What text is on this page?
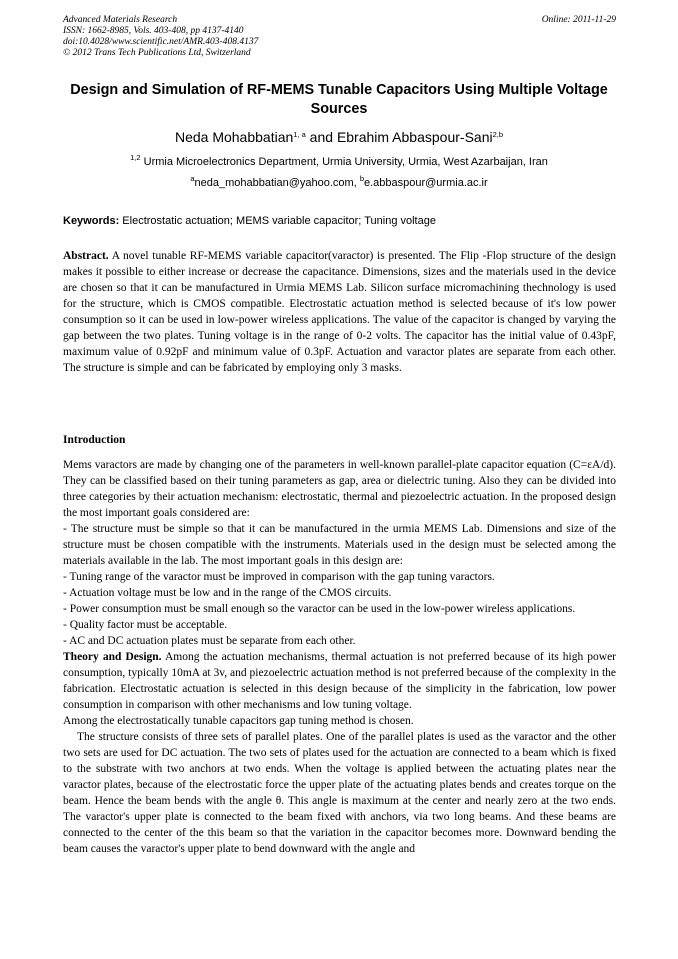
Advanced Materials Research
ISSN: 1662-8985, Vols. 403-408, pp 4137-4140
doi:10.4028/www.scientific.net/AMR.403-408.4137
© 2012 Trans Tech Publications Ltd, Switzerland
Online: 2011-11-29
Design and Simulation of RF-MEMS Tunable Capacitors Using Multiple Voltage Sources
Neda Mohabbatian$^{1, a}$ and Ebrahim Abbaspour-Sani$^{2,b}$
$^{1,2}$ Urmia Microelectronics Department, Urmia University, Urmia, West Azarbaijan, Iran
$^a$neda_mohabbatian@yahoo.com, $^b$e.abbaspour@urmia.ac.ir
Keywords: Electrostatic actuation; MEMS variable capacitor; Tuning voltage
Abstract. A novel tunable RF-MEMS variable capacitor(varactor) is presented. The Flip -Flop structure of the design makes it possible to either increase or decrease the capacitance. Dimensions, sizes and the materials used in the device are chosen so that it can be manufactured in Urmia MEMS Lab. Silicon surface micromachining thechnology is used for the structure, which is CMOS compatible. Electrostatic actuation method is selected because of it's low power consumption so it can be used in low-power wireless applications. The value of the capacitor is changed by varying the gap between the two plates. Tuning voltage is in the range of 0-2 volts. The capacitor has the initial value of 0.43pF, maximum value of 0.92pF and minimum value of 0.3pF. Actuation and varactor plates are separate from each other. The structure is simple and can be fabricated by employing only 3 masks.
Introduction

Mems varactors are made by changing one of the parameters in well-known parallel-plate capacitor equation (C=εA/d). They can be classified based on their tuning parameters as gap, area or dielectric tuning. Also they can be divided into three categories by their actuation mechanism: electrostatic, thermal and piezoelectric actuation. In the proposed design the most important goals considered are:

- The structure must be simple so that it can be manufactured in the urmia MEMS Lab. Dimensions and size of the structure must be chosen compatible with the instruments. Materials used in the design must be selected among the materials available in the lab. The most important goals in this design are:

- Tuning range of the varactor must be improved in comparison with the gap tuning varactors.

- Actuation voltage must be low and in the range of the CMOS circuits.

- Power consumption must be small enough so the varactor can be used in the low-power wireless applications.

- Quality factor must be acceptable.

- AC and DC actuation plates must be separate from each other.

Theory and Design. Among the actuation mechanisms, thermal actuation is not preferred because of its high power consumption, typically 10mA at 3v, and piezoelectric actuation method is not preferred because of the complexity in the fabrication. Electrostatic actuation is selected in this design because of the simplicity in the fabrication, low power consumption in comparison with other mechanisms and low tuning voltage.

Among the electrostatically tunable capacitors gap tuning method is chosen.

The structure consists of three sets of parallel plates. One of the parallel plates is used as the varactor and the other two sets are used for DC actuation. The two sets of plates used for the actuation are connected to a beam which is fixed to the substrate with two anchors at two ends. When the voltage is applied between the actuating plates near the varactor plates, because of the electrostatic force the upper plate of the actuating plates bends and creates torque on the beam. Hence the beam bends with the angle θ. This angle is maximum at the center and nearly zero at the two ends. The varactor's upper plate is connected to the beam fixed with anchors, via two long beams. And these beams are connected to the center of the this beam so that the variation in the capacitor becomes more. Downward bending the beam causes the varactor's upper plate to bend downward with the angle and
